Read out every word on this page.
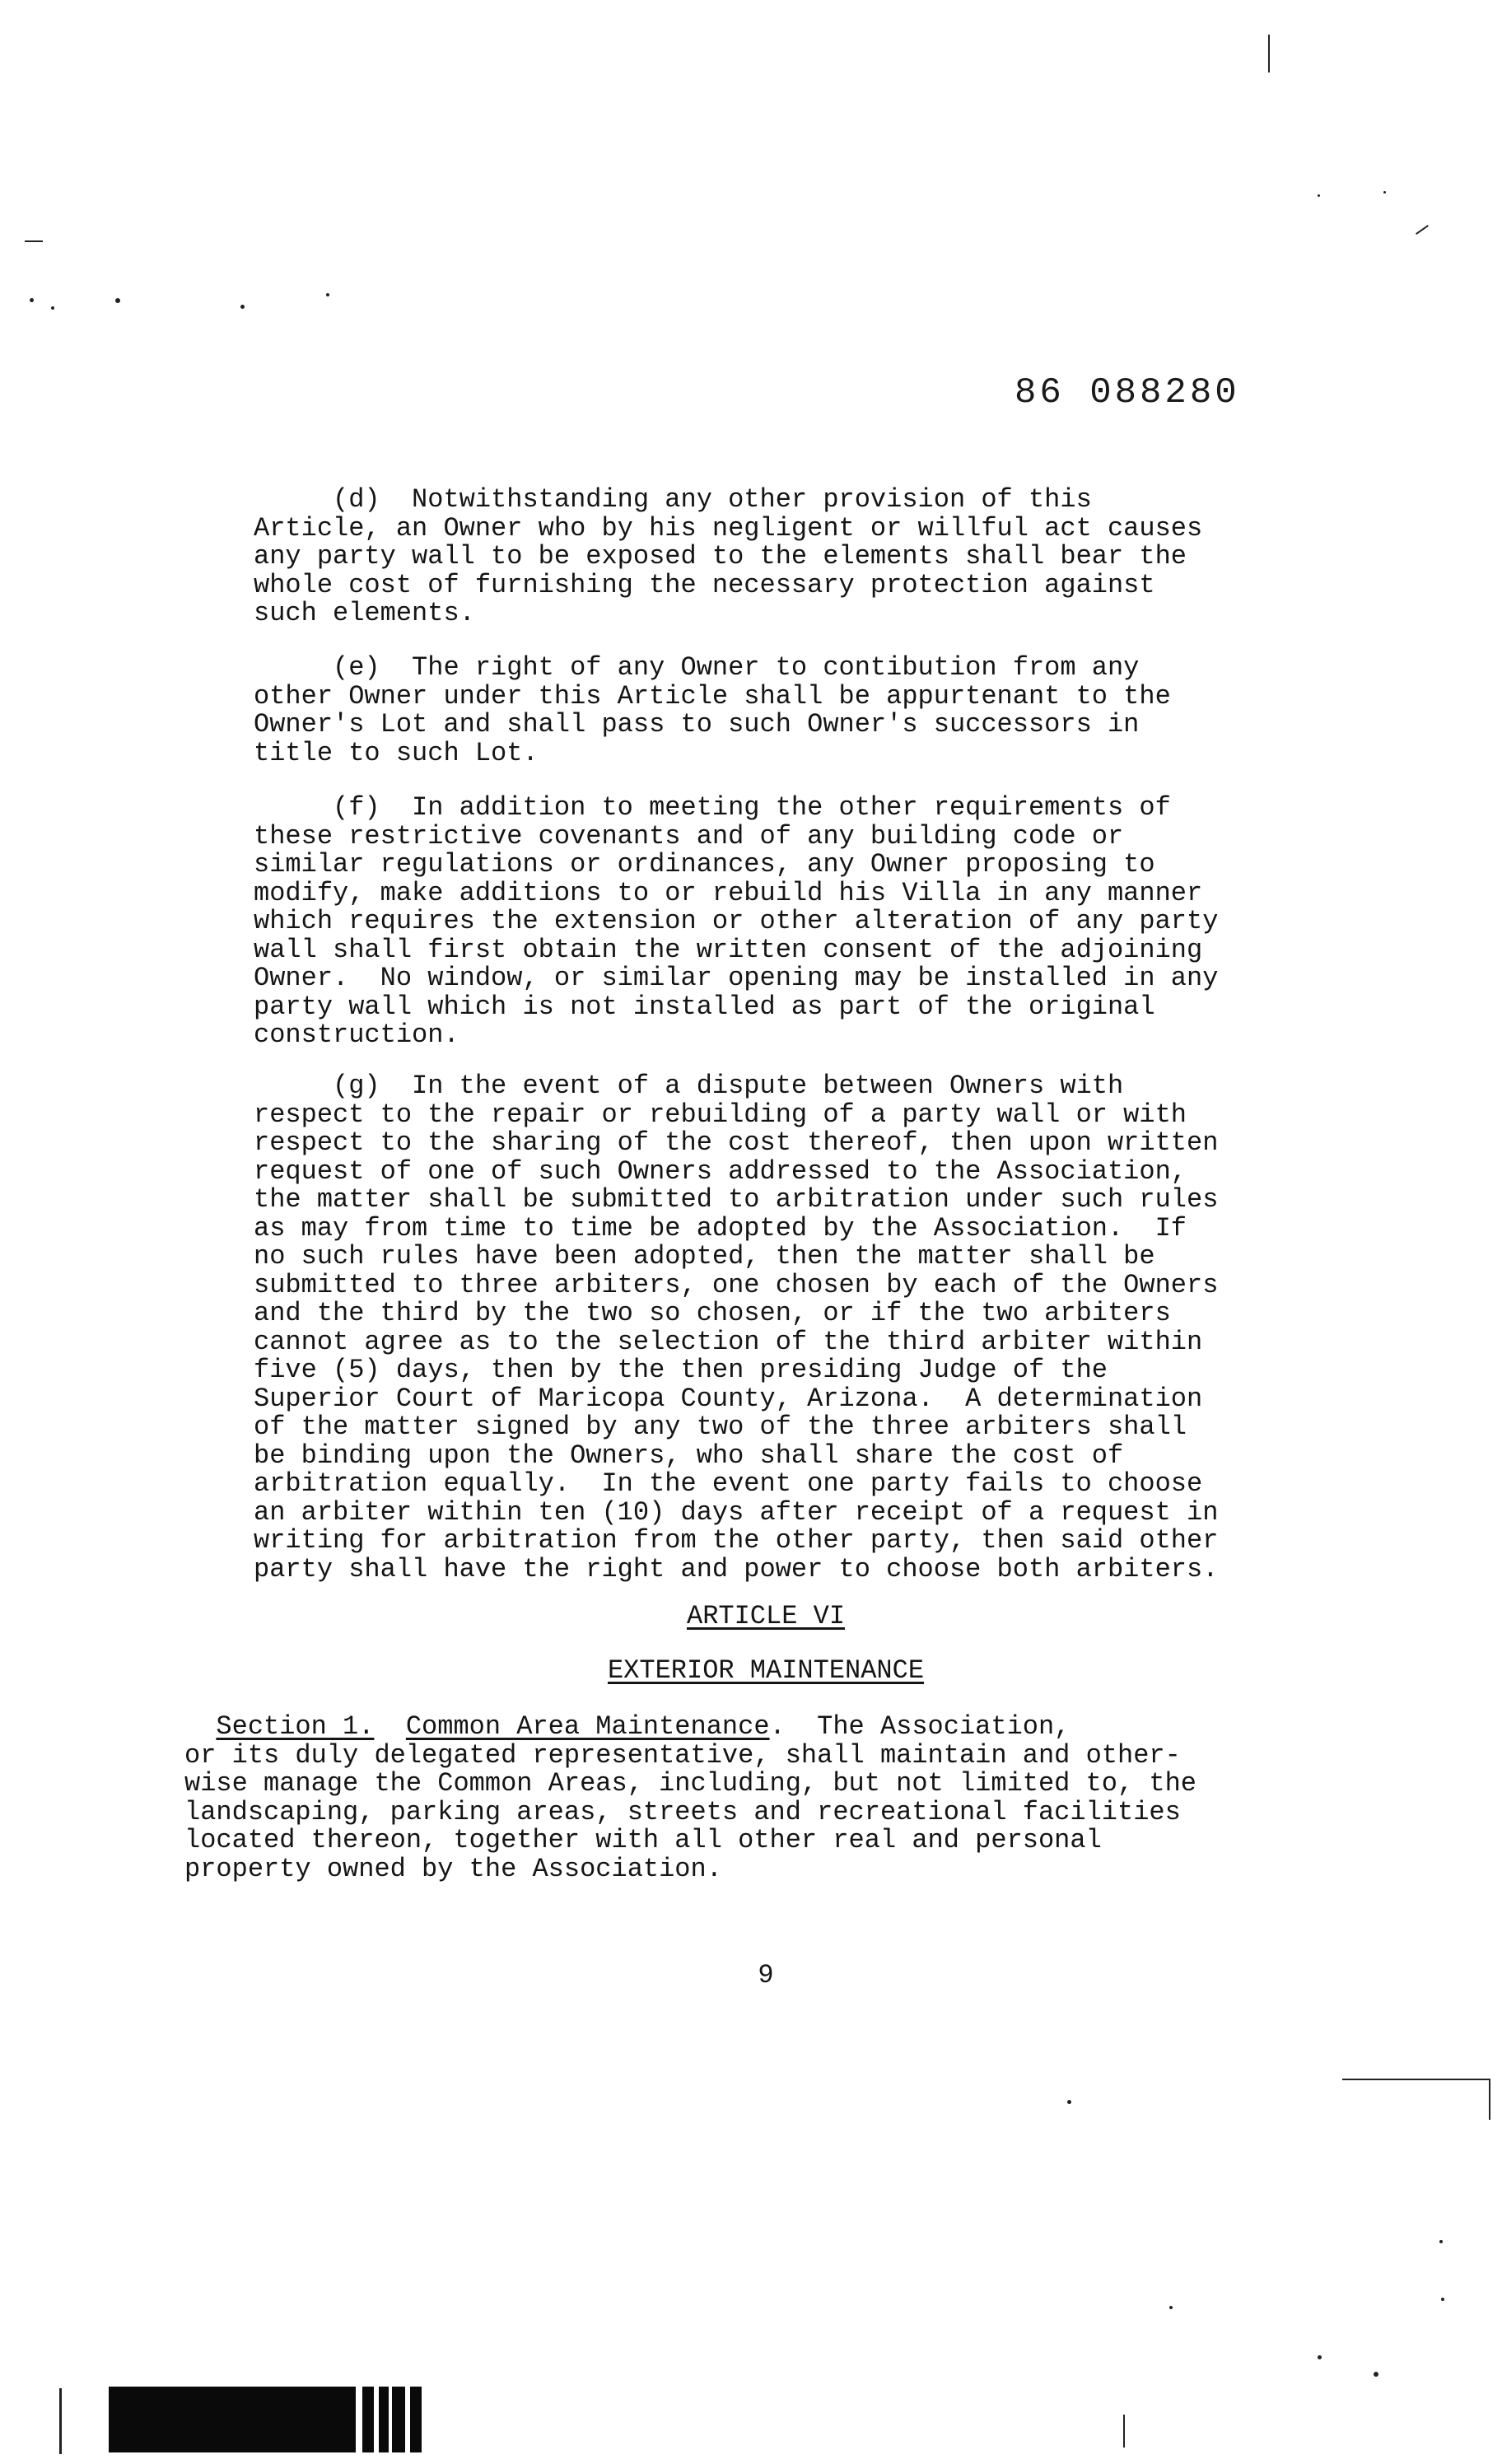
86 088280
(d)  Notwithstanding any other provision of this
Article, an Owner who by his negligent or willful act causes
any party wall to be exposed to the elements shall bear the
whole cost of furnishing the necessary protection against
such elements.
(e)  The right of any Owner to contibution from any
other Owner under this Article shall be appurtenant to the
Owner's Lot and shall pass to such Owner's successors in
title to such Lot.
(f)  In addition to meeting the other requirements of
these restrictive covenants and of any building code or
similar regulations or ordinances, any Owner proposing to
modify, make additions to or rebuild his Villa in any manner
which requires the extension or other alteration of any party
wall shall first obtain the written consent of the adjoining
Owner.  No window, or similar opening may be installed in any
party wall which is not installed as part of the original
construction.
(g)  In the event of a dispute between Owners with
respect to the repair or rebuilding of a party wall or with
respect to the sharing of the cost thereof, then upon written
request of one of such Owners addressed to the Association,
the matter shall be submitted to arbitration under such rules
as may from time to time be adopted by the Association.  If
no such rules have been adopted, then the matter shall be
submitted to three arbiters, one chosen by each of the Owners
and the third by the two so chosen, or if the two arbiters
cannot agree as to the selection of the third arbiter within
five (5) days, then by the then presiding Judge of the
Superior Court of Maricopa County, Arizona.  A determination
of the matter signed by any two of the three arbiters shall
be binding upon the Owners, who shall share the cost of
arbitration equally.  In the event one party fails to choose
an arbiter within ten (10) days after receipt of a request in
writing for arbitration from the other party, then said other
party shall have the right and power to choose both arbiters.
ARTICLE VI
EXTERIOR MAINTENANCE
Section 1. Common Area Maintenance.  The Association,
or its duly delegated representative, shall maintain and other-
wise manage the Common Areas, including, but not limited to, the
landscaping, parking areas, streets and recreational facilities
located thereon, together with all other real and personal
property owned by the Association.
9
